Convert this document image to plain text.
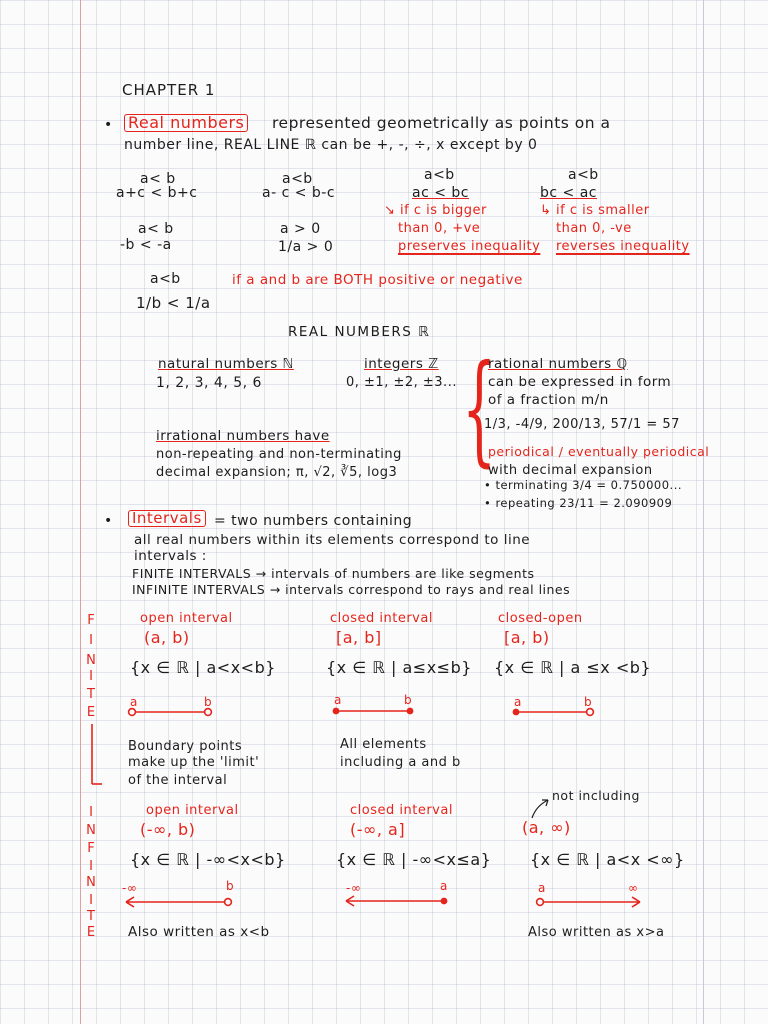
CHAPTER 1
• Real numbers represented geometrically as points on a
number line, REAL LINE ℝ can be +, -, ÷, x except by 0
a< b
a+c < b+c
a<b
a- c < b-c
a<b
ac < bc
a<b
bc < ac
a< b
-b < -a
a > 0
1/a > 0
↘ if c is bigger
than 0, +ve
preserves inequality
↳ if c is smaller
than 0, -ve
reverses inequality
a<b
1/b < 1/a
if a and b are BOTH positive or negative
REAL NUMBERS ℝ
natural numbers ℕ
1, 2, 3, 4, 5, 6
integers ℤ
0, ±1, ±2, ±3... {
rational numbers ℚ
can be expressed in form
of a fraction m/n
1/3, -4/9, 200/13, 57/1 = 57
periodical / eventually periodical
with decimal expansion
• terminating 3/4 = 0.750000...
• repeating 23/11 = 2.090909
irrational numbers have
non-repeating and non-terminating
decimal expansion; π, √2, ∛5, log3
• Intervals = two numbers containing
all real numbers within its elements correspond to line
intervals :
FINITE INTERVALS → intervals of numbers are like segments
INFINITE INTERVALS → intervals correspond to rays and real lines
F
I
N
I
T
E
open interval
(a, b)
{x ∈ ℝ | a<x<b}
closed interval
[a, b]
{x ∈ ℝ | a≤x≤b}
closed-open
[a, b)
{x ∈ ℝ | a ≤x <b}
a	b	a	b	a	b
Boundary points
make up the 'limit'
of the interval
All elements
including a and b
I
N
F
I
N
I
T
E
open interval
(-∞, b)
{x ∈ ℝ | -∞<x<b}
closed interval
(-∞, a]
{x ∈ ℝ | -∞<x≤a}
not including
(a, ∞)
{x ∈ ℝ | a<x <∞}
-∞	b	-∞	a	a	∞
Also written as x<b	Also written as x>a
